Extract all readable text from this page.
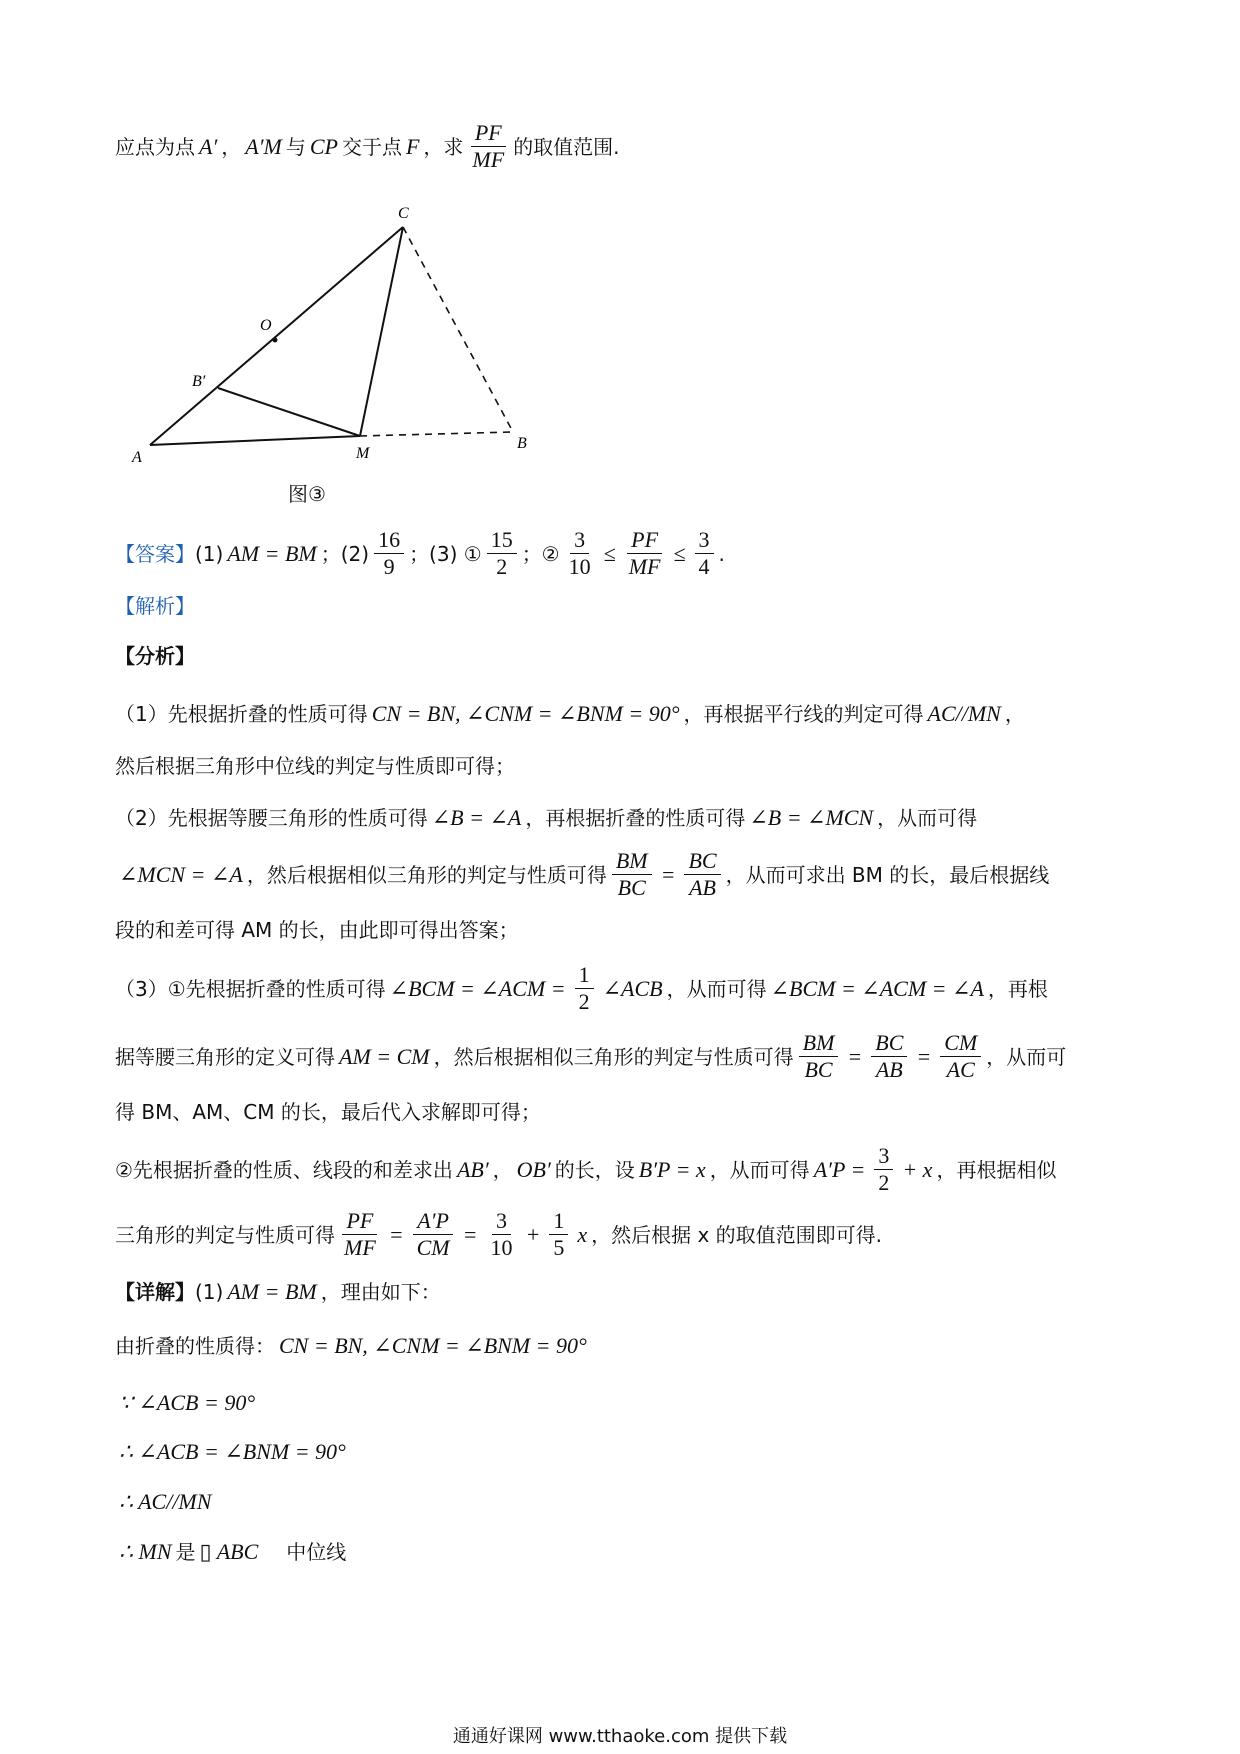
应点为点 A′ ， A′M 与 CP 交于点 F ，求 $\frac{PF}{MF}$ 的取值范围.
C
O
B′
A	M
B
图③
【答案】 (1) AM = BM ；$(2) \frac{16}{9}$ ；(3) ① $\frac{15}{2}$ ；② $\frac{3}{10} \le \frac{PF}{MF} \le \frac{3}{4}$ .
【解析】
【分析】
（1）先根据折叠的性质可得 CN = BN, ∠CNM = ∠BNM = 90° ，再根据平行线的判定可得 AC//MN ，
然后根据三角形中位线的判定与性质即可得；
（2）先根据等腰三角形的性质可得 ∠B = ∠A ，再根据折叠的性质可得 ∠B = ∠MCN ，从而可得
∠MCN = ∠A ，然后根据相似三角形的判定与性质可得 $\frac{BM}{BC} = \frac{BC}{AB}$ ，从而可求出 BM 的长，最后根据线
段的和差可得 AM 的长，由此即可得出答案；
（3）①先根据折叠的性质可得 ∠BCM = ∠ACM = $\frac{1}{2}$ ∠ACB ，从而可得 ∠BCM = ∠ACM = ∠A ，再根
据等腰三角形的定义可得 AM = CM ，然后根据相似三角形的判定与性质可得 $\frac{BM}{BC} = \frac{BC}{AB} = \frac{CM}{AC}$ ，从而可
得 BM、AM、CM 的长，最后代入求解即可得；
②先根据折叠的性质、线段的和差求出 AB′ ， OB′ 的长，设 B′P = x ，从而可得 $A'P = \frac{3}{2} + x$ ，再根据相似
三角形的判定与性质可得 $\frac{PF}{MF} = \frac{A'P}{CM} = \frac{3}{10} + \frac{1}{5}$ x ，然后根据 x 的取值范围即可得.
【详解】 (1) AM = BM ，理由如下：
由折叠的性质得： CN = BN, ∠CNM = ∠BNM = 90°
∵ ∠ACB = 90°
∴ ∠ACB = ∠BNM = 90°
∴ AC//MN
∴ MN 是 ▯ ABC 中位线
通通好课网 www.tthaoke.com 提供下载
